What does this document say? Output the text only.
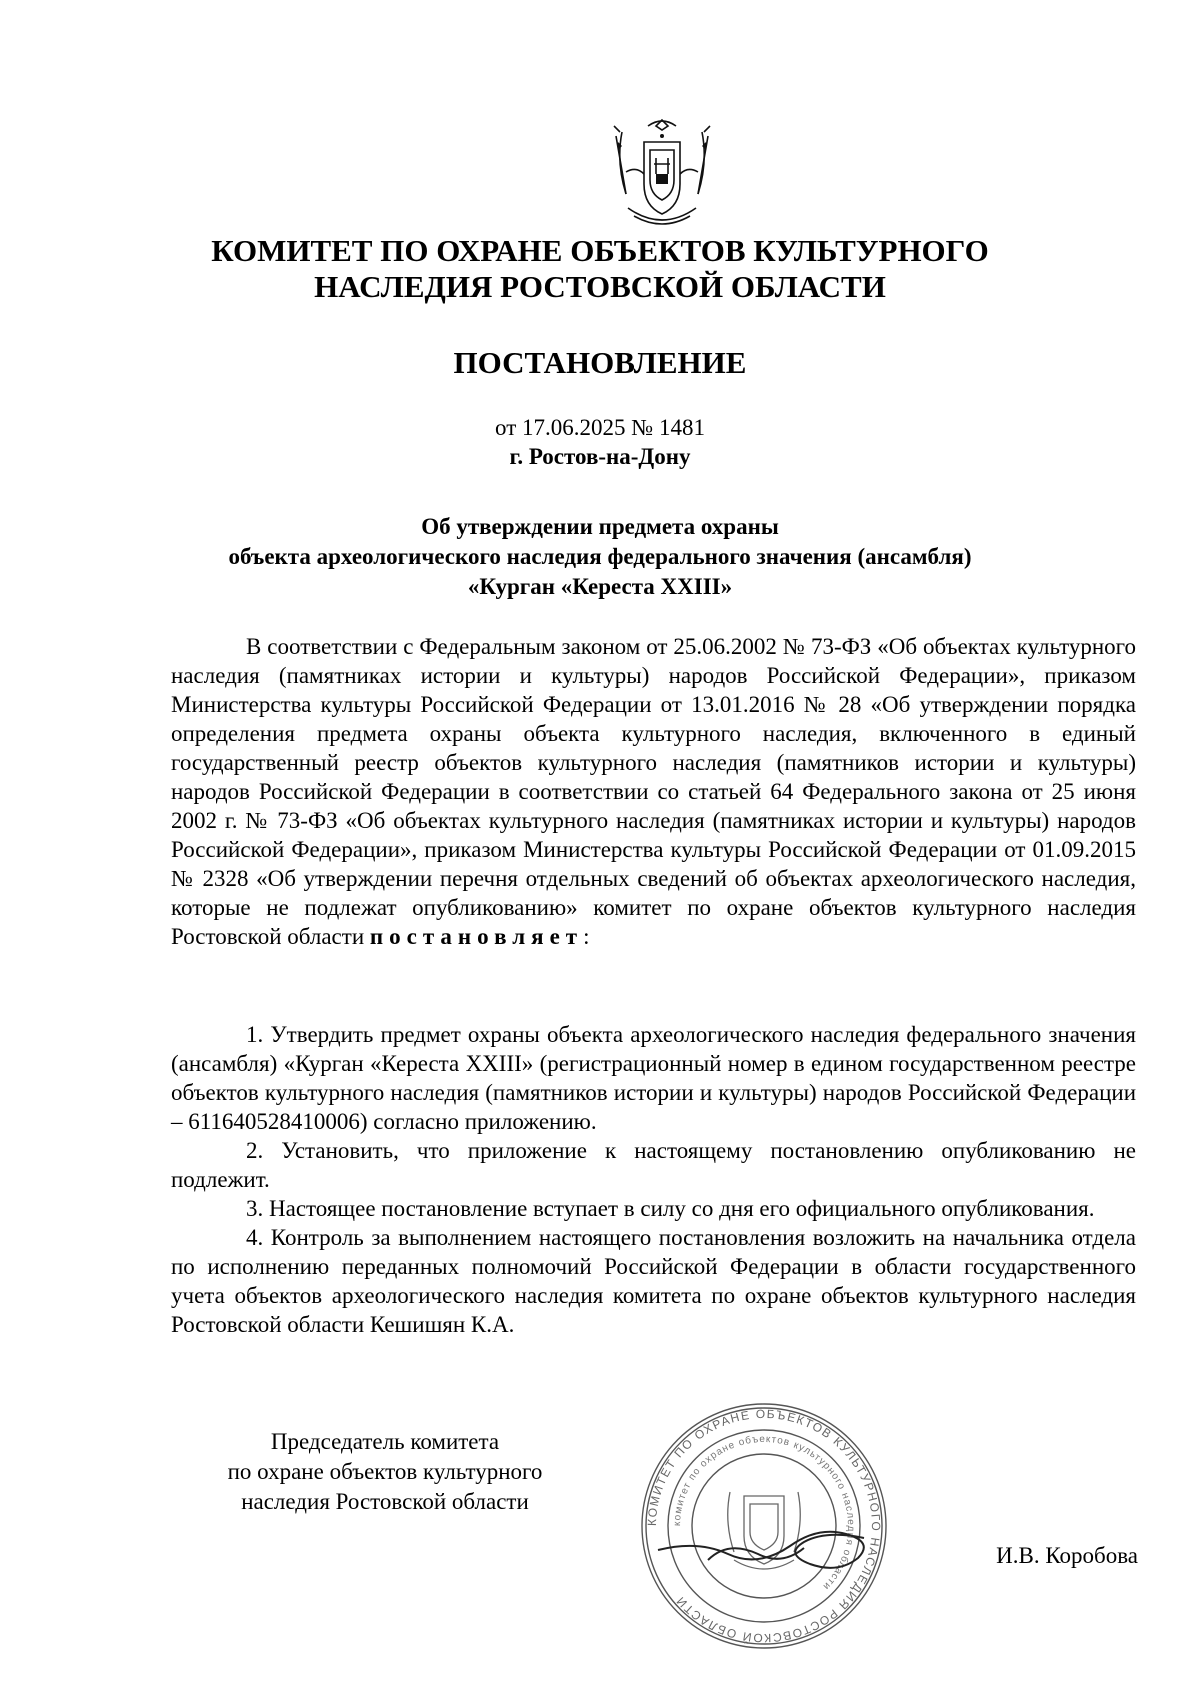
КОМИТЕТ ПО ОХРАНЕ ОБЪЕКТОВ КУЛЬТУРНОГО
НАСЛЕДИЯ РОСТОВСКОЙ ОБЛАСТИ
ПОСТАНОВЛЕНИЕ
от 17.06.2025 № 1481
г. Ростов-на-Дону
Об утверждении предмета охраны
объекта археологического наследия федерального значения (ансамбля)
«Курган «Кереста XXIII»

В соответствии с Федеральным законом от 25.06.2002 № 73-ФЗ «Об объектах культурного наследия (памятниках истории и культуры) народов Российской Федерации», приказом Министерства культуры Российской Федерации от 13.01.2016 № 28 «Об утверждении порядка определения предмета охраны объекта культурного наследия, включенного в единый государственный реестр объектов культурного наследия (памятников истории и культуры) народов Российской Федерации в соответствии со статьей 64 Федерального закона от 25 июня 2002 г. № 73-ФЗ «Об объектах культурного наследия (памятниках истории и культуры) народов Российской Федерации», приказом Министерства культуры Российской Федерации от 01.09.2015 № 2328 «Об утверждении перечня отдельных сведений об объектах археологического наследия, которые не подлежат опубликованию» комитет по охране объектов культурного наследия Ростовской области постановляет:

1. Утвердить предмет охраны объекта археологического наследия федерального значения (ансамбля) «Курган «Кереста XXIII» (регистрационный номер в едином государственном реестре объектов культурного наследия (памятников истории и культуры) народов Российской Федерации – 611640528410006) согласно приложению.

2. Установить, что приложение к настоящему постановлению опубликованию не подлежит.

3. Настоящее постановление вступает в силу со дня его официального опубликования.

4. Контроль за выполнением настоящего постановления возложить на начальника отдела по исполнению переданных полномочий Российской Федерации в области государственного учета объектов археологического наследия комитета по охране объектов культурного наследия Ростовской области Кешишян К.А.

КОМИТЕТ ПО ОХРАНЕ ОБЪЕКТОВ КУЛЬТУРНОГО НАСЛЕДИЯ РОСТОВСКОЙ ОБЛАСТИ
комитет по охране объектов культурного наследия области
Председатель комитета
по охране объектов культурного
наследия Ростовской области
И.В. Коробова
